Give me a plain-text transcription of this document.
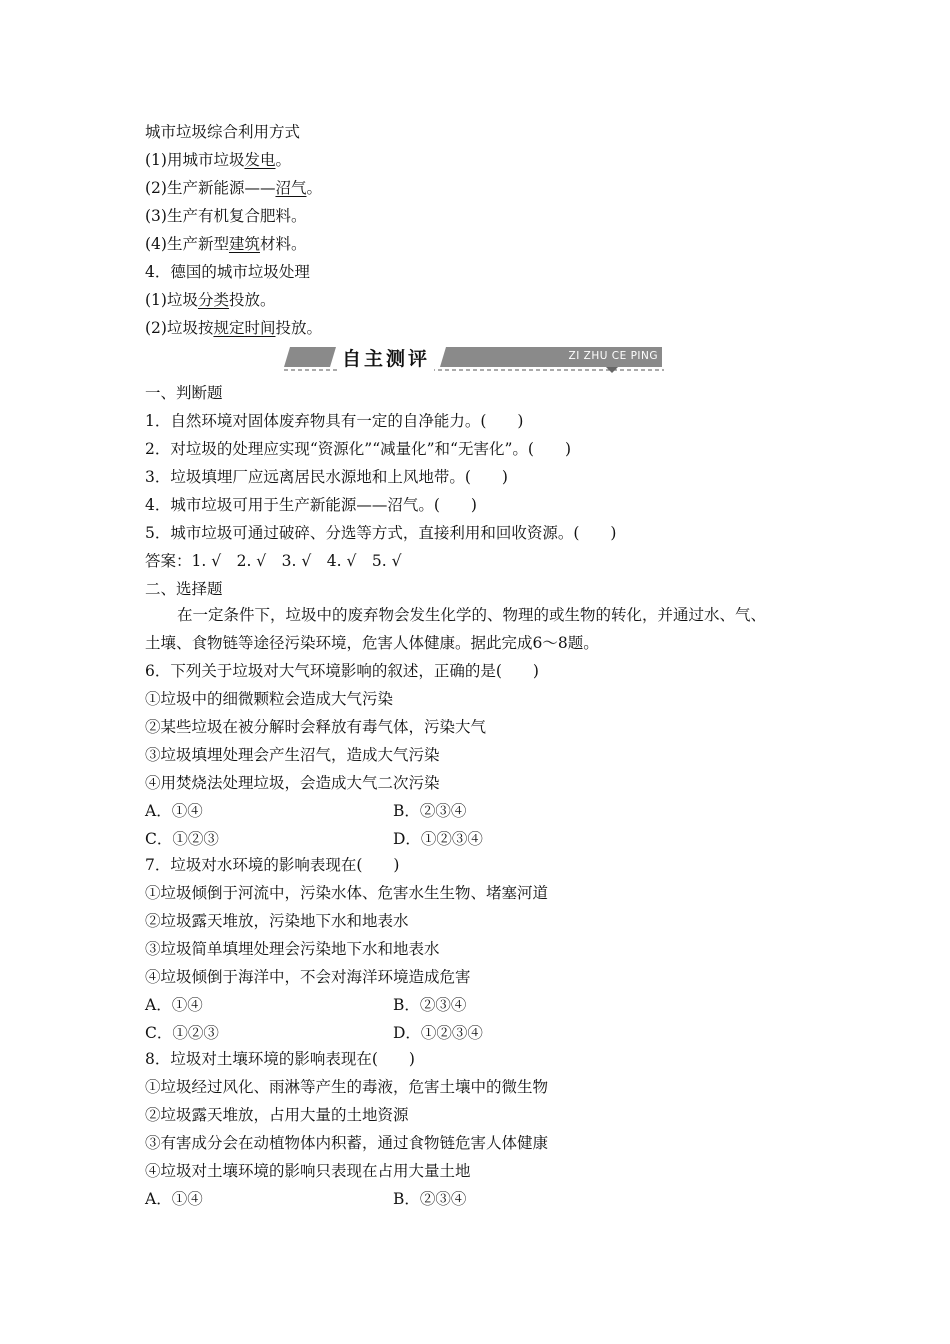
城市垃圾综合利用方式
(1)用城市垃圾发电。
(2)生产新能源——沼气。
(3)生产有机复合肥料。
(4)生产新型建筑材料。
4．德国的城市垃圾处理
(1)垃圾分类投放。
(2)垃圾按规定时间投放。
自主测评	ZI ZHU CE PING
一、判断题
1．自然环境对固体废弃物具有一定的自净能力。(　　)
2．对垃圾的处理应实现“资源化”“减量化”和“无害化”。(　　)
3．垃圾填埋厂应远离居民水源地和上风地带。(　　)
4．城市垃圾可用于生产新能源——沼气。(　　)
5．城市垃圾可通过破碎、分选等方式，直接利用和回收资源。(　　)
答案：1. √　2. √　3. √　4. √　5. √
二、选择题
在一定条件下，垃圾中的废弃物会发生化学的、物理的或生物的转化，并通过水、气、
土壤、食物链等途径污染环境，危害人体健康。据此完成6～8题。
6．下列关于垃圾对大气环境影响的叙述，正确的是(　　)
①垃圾中的细微颗粒会造成大气污染
②某些垃圾在被分解时会释放有毒气体，污染大气
③垃圾填埋处理会产生沼气，造成大气污染
④用焚烧法处理垃圾，会造成大气二次污染
A．①④	B．②③④
C．①②③	D．①②③④
7．垃圾对水环境的影响表现在(　　)
①垃圾倾倒于河流中，污染水体、危害水生生物、堵塞河道
②垃圾露天堆放，污染地下水和地表水
③垃圾简单填埋处理会污染地下水和地表水
④垃圾倾倒于海洋中，不会对海洋环境造成危害
A．①④	B．②③④
C．①②③	D．①②③④
8．垃圾对土壤环境的影响表现在(　　)
①垃圾经过风化、雨淋等产生的毒液，危害土壤中的微生物
②垃圾露天堆放，占用大量的土地资源
③有害成分会在动植物体内积蓄，通过食物链危害人体健康
④垃圾对土壤环境的影响只表现在占用大量土地
A．①④	B．②③④
